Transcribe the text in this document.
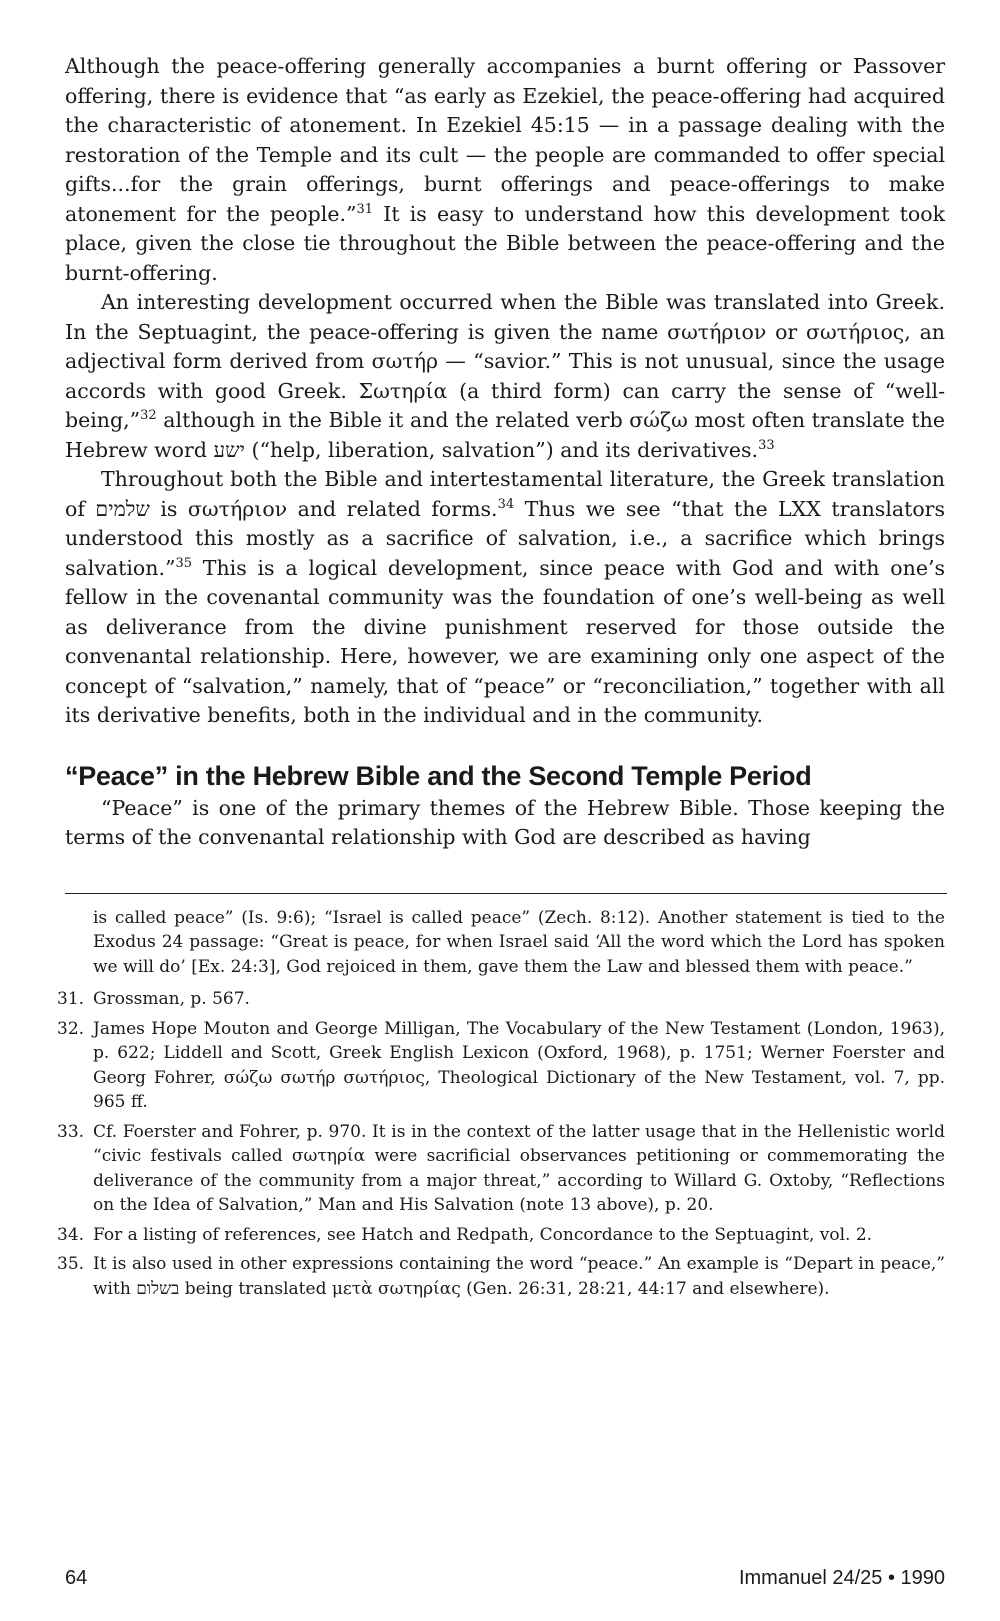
Although the peace-offering generally accompanies a burnt offering or Passover offering, there is evidence that “as early as Ezekiel, the peace-offering had acquired the characteristic of atonement. In Ezekiel 45:15 — in a passage dealing with the restoration of the Temple and its cult — the people are commanded to offer special gifts...for the grain offerings, burnt offerings and peace-offerings to make atonement for the people.”$^{31}$ It is easy to understand how this development took place, given the close tie throughout the Bible between the peace-offering and the burnt-offering.

An interesting development occurred when the Bible was translated into Greek. In the Septuagint, the peace-offering is given the name σωτήριον or σωτήριος, an adjectival form derived from σωτήρ — “savior.” This is not unusual, since the usage accords with good Greek. Σωτηρία (a third form) can carry the sense of “well-being,”$^{32}$ although in the Bible it and the related verb σώζω most often translate the Hebrew word ישע (“help, liberation, salvation”) and its derivatives.$^{33}$

Throughout both the Bible and intertestamental literature, the Greek translation of שלמים is σωτήριον and related forms.$^{34}$ Thus we see “that the LXX translators understood this mostly as a sacrifice of salvation, i.e., a sacrifice which brings salvation.”$^{35}$ This is a logical development, since peace with God and with one’s fellow in the covenantal community was the foundation of one’s well-being as well as deliverance from the divine punishment reserved for those outside the convenantal relationship. Here, however, we are examining only one aspect of the concept of “salvation,” namely, that of “peace” or “reconciliation,” together with all its derivative benefits, both in the individual and in the community.

“Peace” in the Hebrew Bible and the Second Temple Period

“Peace” is one of the primary themes of the Hebrew Bible. Those keeping the terms of the convenantal relationship with God are described as having

is called peace” (Is. 9:6); “Israel is called peace” (Zech. 8:12). Another statement is tied to the Exodus 24 passage: “Great is peace, for when Israel said ‘All the word which the Lord has spoken we will do’ [Ex. 24:3], God rejoiced in them, gave them the Law and blessed them with peace.”
31. Grossman, p. 567.
32. James Hope Mouton and George Milligan, The Vocabulary of the New Testament (London, 1963), p. 622; Liddell and Scott, Greek English Lexicon (Oxford, 1968), p. 1751; Werner Foerster and Georg Fohrer, σώζω σωτήρ σωτήριος, Theological Dictionary of the New Testament, vol. 7, pp. 965 ff.
33. Cf. Foerster and Fohrer, p. 970. It is in the context of the latter usage that in the Hellenistic world “civic festivals called σωτηρία were sacrificial observances petitioning or commemorating the deliverance of the community from a major threat,” according to Willard G. Oxtoby, “Reflections on the Idea of Salvation,” Man and His Salvation (note 13 above), p. 20.
34. For a listing of references, see Hatch and Redpath, Concordance to the Septuagint, vol. 2.
35. It is also used in other expressions containing the word “peace.” An example is “Depart in peace,” with בשלום being translated μετὰ σωτηρίας (Gen. 26:31, 28:21, 44:17 and elsewhere).
64	Immanuel 24/25 • 1990
